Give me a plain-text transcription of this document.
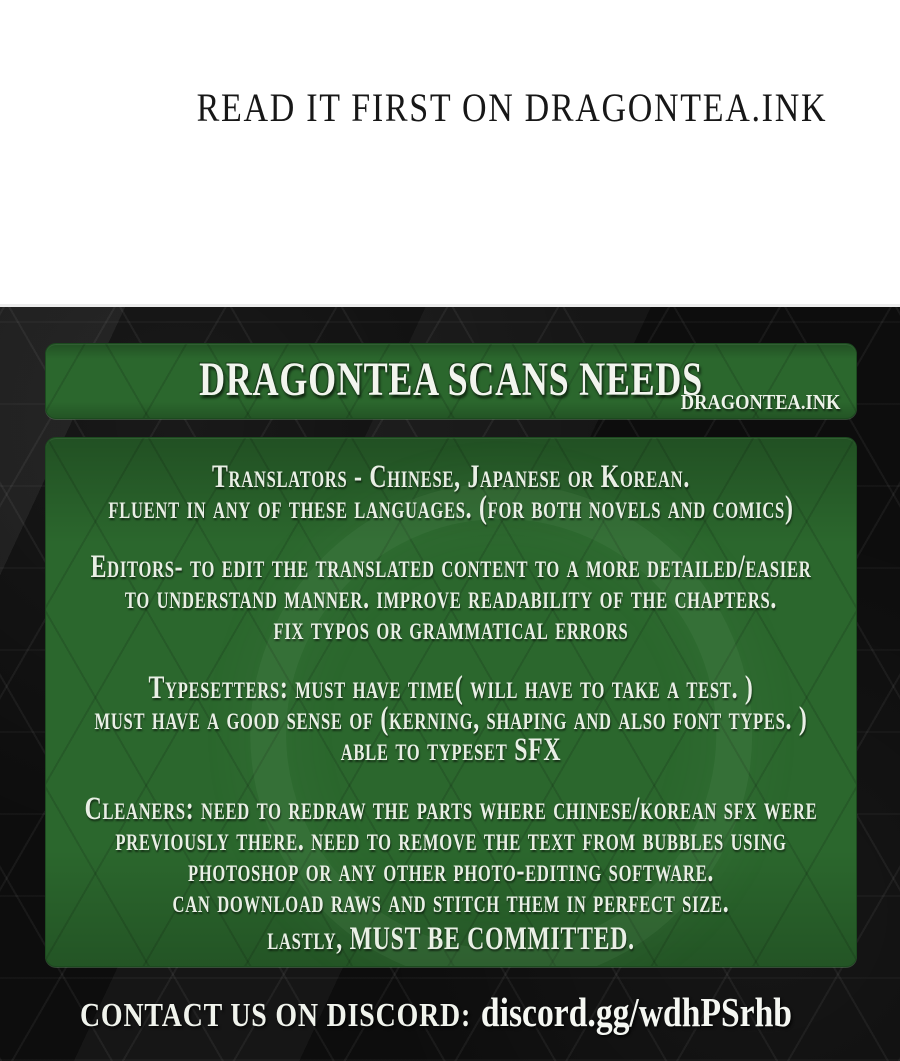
READ IT FIRST ON DRAGONTEA.INK
DRAGONTEA SCANS NEEDS
DRAGONTEA.INK

Translators - Chinese, Japanese or Korean.
fluent in any of these languages. (for both novels and comics)

Editors- to edit the translated content to a more detailed/easier
to understand manner. improve readability of the chapters.
fix typos or grammatical errors

Typesetters: must have time( will have to take a test. )
must have a good sense of (kerning, shaping and also font types. )
able to typeset SFX

Cleaners: need to redraw the parts where chinese/korean sfx were
previously there. need to remove the text from bubbles using
photoshop or any other photo-editing software.
can download raws and stitch them in perfect size.

lastly, MUST BE COMMITTED.

CONTACT US ON DISCORD: discord.gg/wdhPSrhb
